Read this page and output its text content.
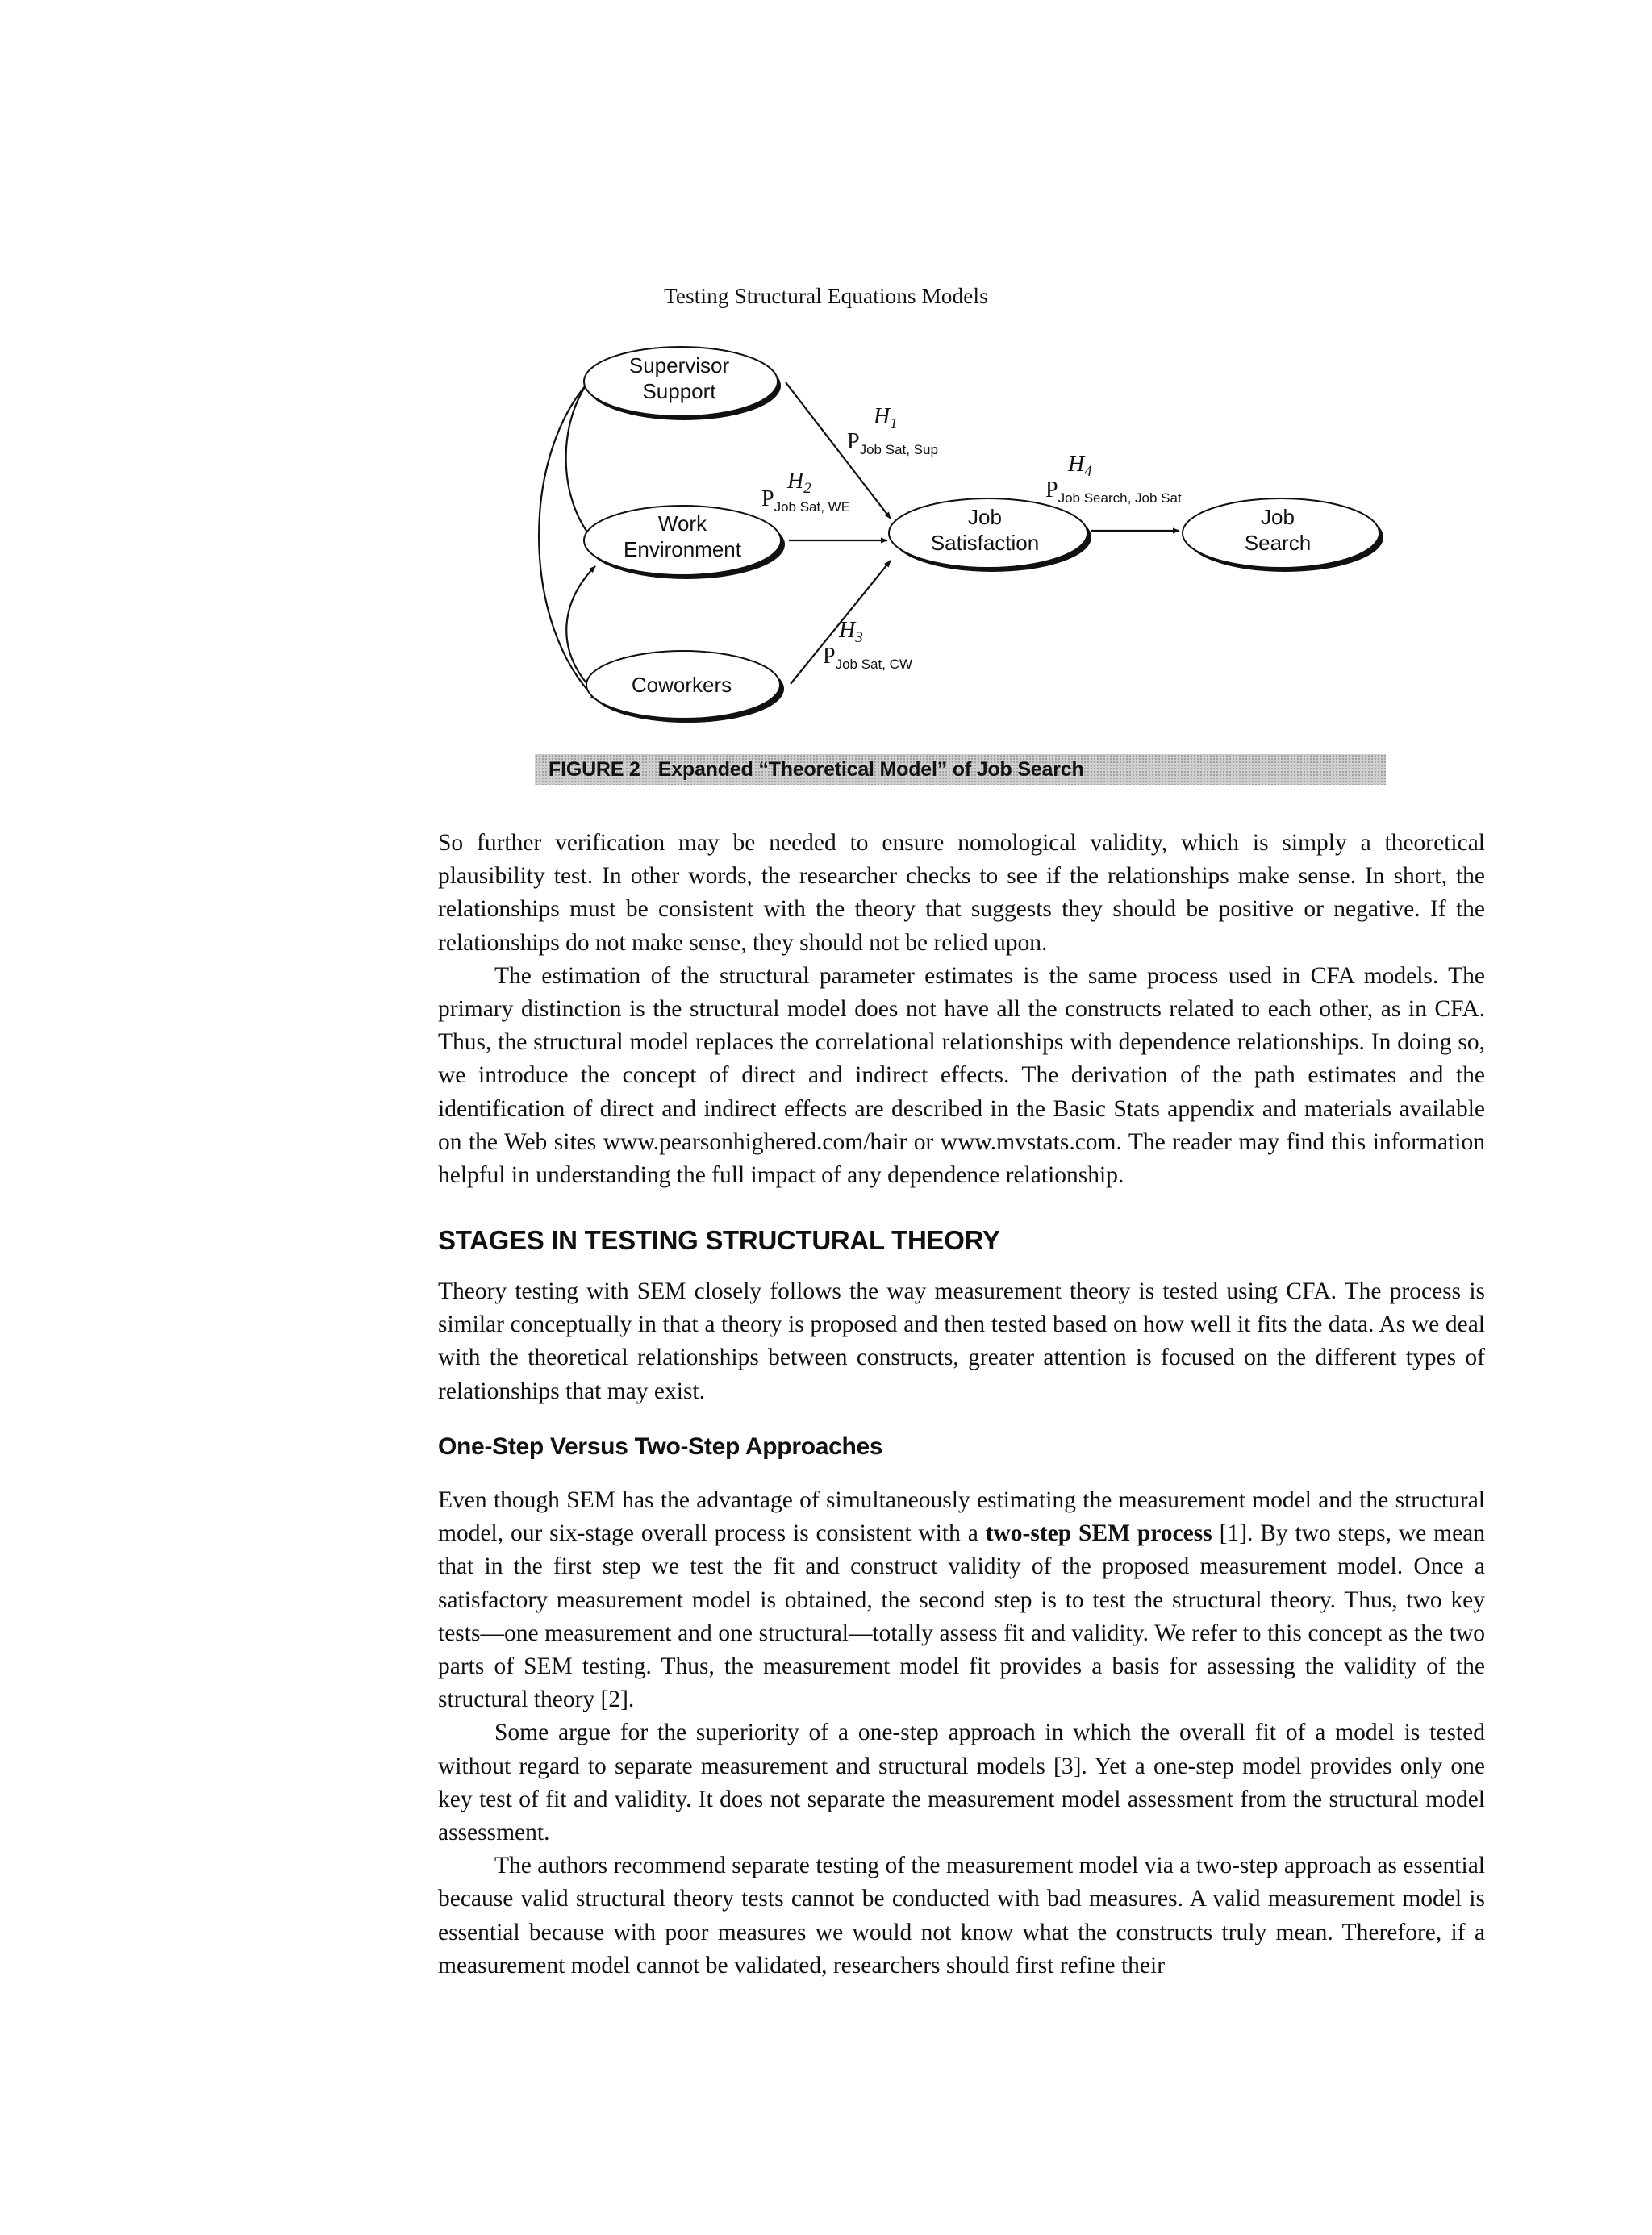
Testing Structural Equations Models
Supervisor
Support
Work
Environment
Coworkers
Job
Satisfaction
Job
Search
$H_1$
$P_{Job Sat, Sup}$
$H_2$
$P_{Job Sat, WE}$
$H_3$
$P_{Job Sat, CW}$
$H_4$
$P_{Job Search, Job Sat}$
FIGURE 2 Expanded “Theoretical Model” of Job Search

So further verification may be needed to ensure nomological validity, which is simply a theoretical plausibility test. In other words, the researcher checks to see if the relationships make sense. In short, the relationships must be consistent with the theory that suggests they should be positive or negative. If the relationships do not make sense, they should not be relied upon.

The estimation of the structural parameter estimates is the same process used in CFA models. The primary distinction is the structural model does not have all the constructs related to each other, as in CFA. Thus, the structural model replaces the correlational relationships with dependence relationships. In doing so, we introduce the concept of direct and indirect effects. The derivation of the path estimates and the identification of direct and indirect effects are described in the Basic Stats appendix and materials available on the Web sites www.pearsonhighered.com/hair or www.mvstats.com. The reader may find this information helpful in understanding the full impact of any dependence relationship.

STAGES IN TESTING STRUCTURAL THEORY

Theory testing with SEM closely follows the way measurement theory is tested using CFA. The process is similar conceptually in that a theory is proposed and then tested based on how well it fits the data. As we deal with the theoretical relationships between constructs, greater attention is focused on the different types of relationships that may exist.

One-Step Versus Two-Step Approaches

Even though SEM has the advantage of simultaneously estimating the measurement model and the structural model, our six-stage overall process is consistent with a two-step SEM process [1]. By two steps, we mean that in the first step we test the fit and construct validity of the proposed measurement model. Once a satisfactory measurement model is obtained, the second step is to test the structural theory. Thus, two key tests—one measurement and one structural—totally assess fit and validity. We refer to this concept as the two parts of SEM testing. Thus, the measurement model fit provides a basis for assessing the validity of the structural theory [2].

Some argue for the superiority of a one-step approach in which the overall fit of a model is tested without regard to separate measurement and structural models [3]. Yet a one-step model provides only one key test of fit and validity. It does not separate the measurement model assessment from the structural model assessment.

The authors recommend separate testing of the measurement model via a two-step approach as essential because valid structural theory tests cannot be conducted with bad measures. A valid measurement model is essential because with poor measures we would not know what the constructs truly mean. Therefore, if a measurement model cannot be validated, researchers should first refine their
